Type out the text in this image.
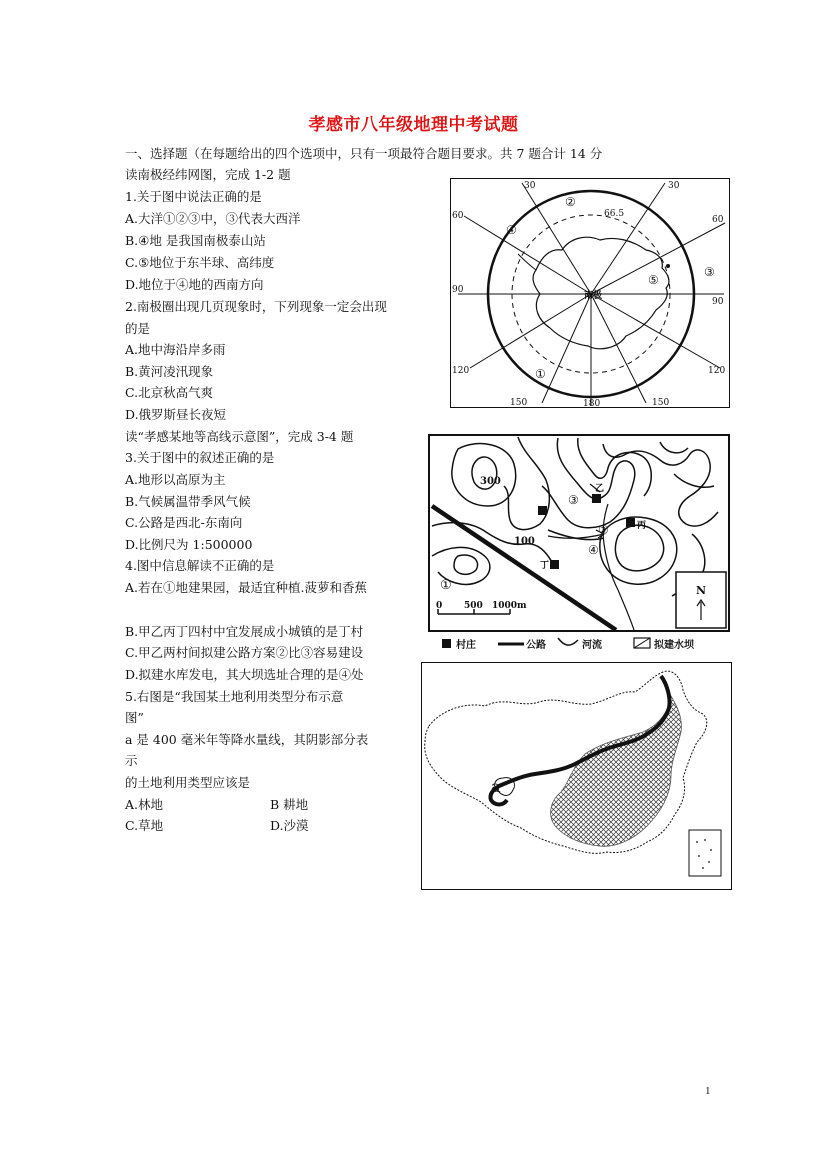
孝感市八年级地理中考试题
一、选择题（在每题给出的四个选项中，只有一项最符合题目要求。共 7 题合计 14 分
读南极经纬网图，完成 1-2 题
1.关于图中说法正确的是
A.大洋①②③中，③代表大西洋
B.④地 是我国南极泰山站
C.⑤地位于东半球、高纬度
D.地位于④地的西南方向
2.南极圈出现几页现象时，下列现象一定会出现
的是
A.地中海沿岸多雨
B.黄河凌汛现象
C.北京秋高气爽
D.俄罗斯昼长夜短
读“孝感某地等高线示意图”，完成 3-4 题
3.关于图中的叙述正确的是
A.地形以高原为主
B.气候属温带季风气候
C.公路是西北-东南向
D.比例尺为 1:500000
4.图中信息解读不正确的是
A.若在①地建果园，最适宜种植.菠萝和香蕉
B.甲乙丙丁四村中宜发展成小城镇的是丁村
C.甲乙两村间拟建公路方案②比③容易建设
D.拟建水库发电，其大坝选址合理的是④处
5.右图是“我国某土地利用类型分布示意
图”
a 是 400 毫米年等降水量线，其阴影部分表
示
的土地利用类型应该是
A.林地	B 耕地
C.草地	D.沙漠
30	30
60	60
90
90
120	120
150	150
180
66.5
南极
①
②
③
④
⑤
300
100
乙
丙
丁
①
②
③
④
N
0 500 1000m
村庄	公路	河流	拟建水坝
a
1
